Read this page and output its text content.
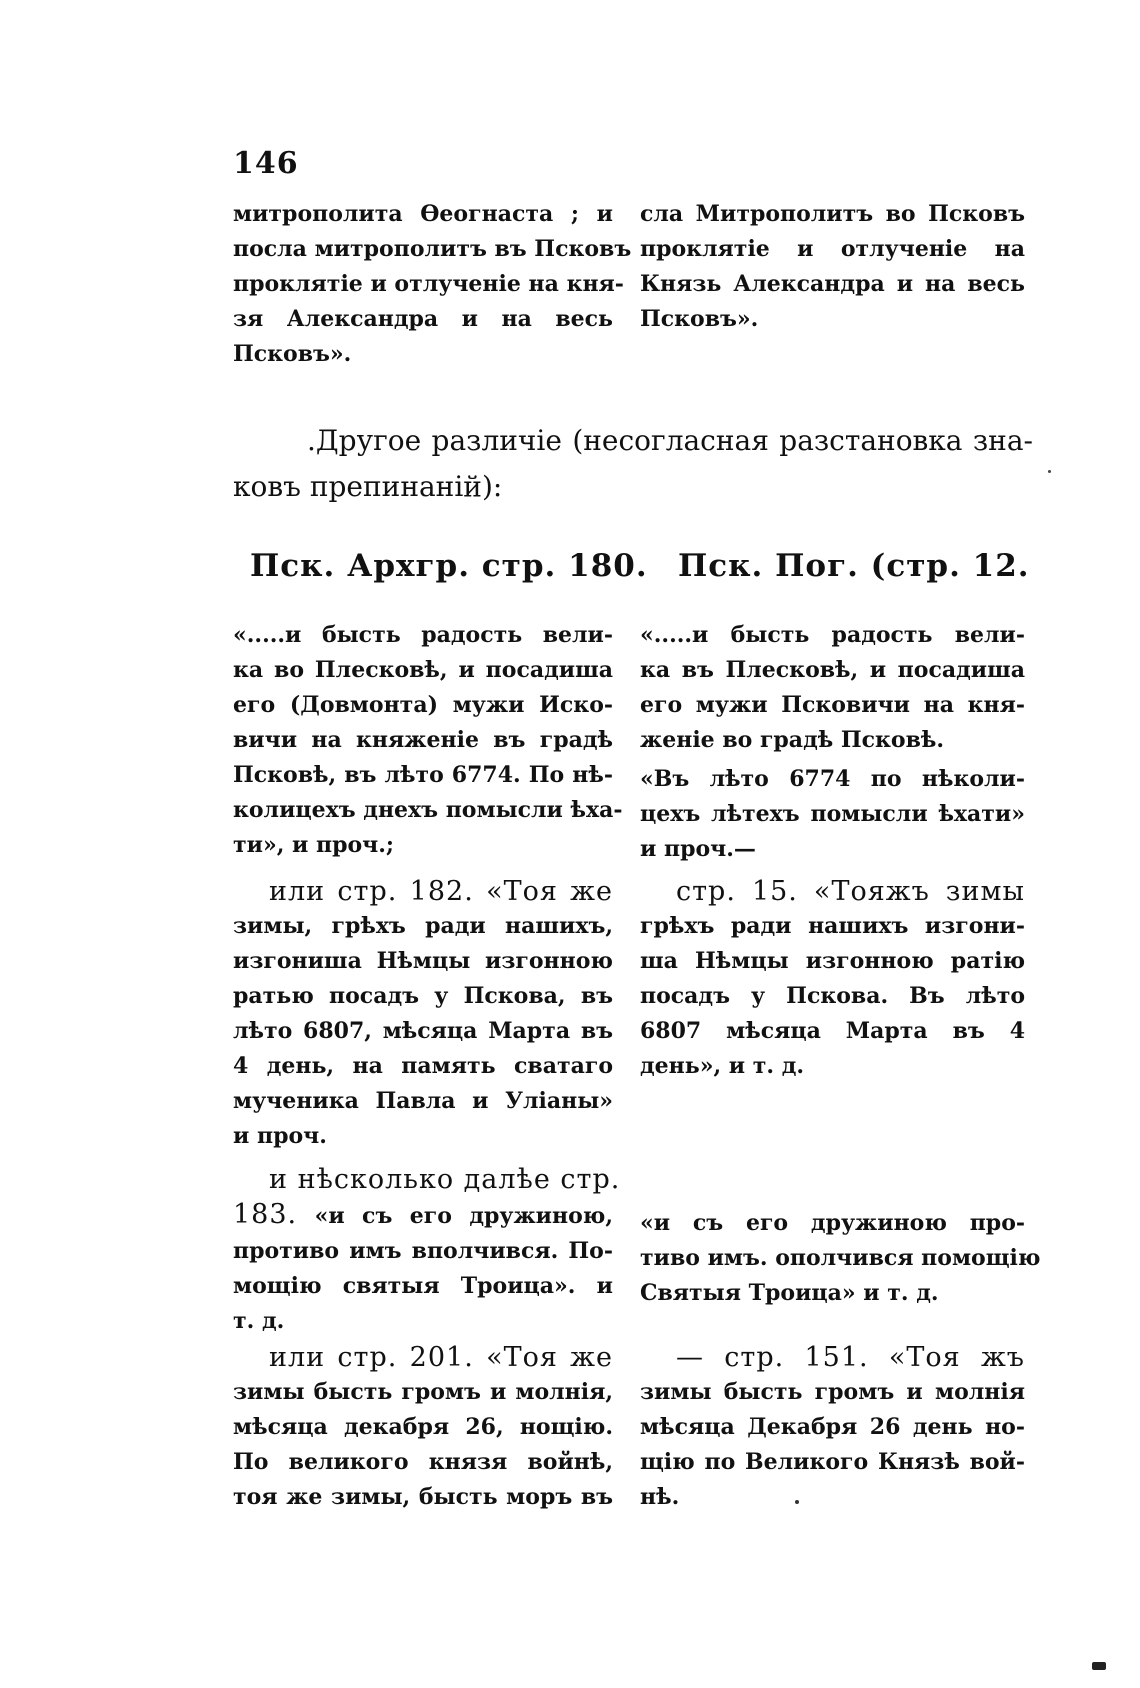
146

митрополита Өеогнаста ; и
посла митрополитъ въ Псковъ
проклятіе и отлученіе на кня-
зя Александра и на весь
Псковъ».

сла Митрополитъ во Псковъ
проклятіе и отлученіе на
Князь Александра и на весь
Псковъ».

.Другое различіе (несогласная разстановка зна-
ковъ препинаній):

Пск. Архгр. стр. 180. Пск. Пог. (стр. 12.

«.....и бысть радость вели-
ка во Плесковѣ, и посадиша
его (Довмонта) мужи Иско-
вичи на княженіе въ градѣ
Псковѣ, въ лѣто 6774. По нѣ-
колицехъ днехъ помысли ѣха-
ти», и проч.;

«.....и бысть радость вели-
ка въ Плесковѣ, и посадиша
его мужи Псковичи на кня-
женіе во градѣ Псковѣ.
«Въ лѣто 6774 по нѣколи-
цехъ лѣтехъ помысли ѣхати»
и проч.—

или стр. 182. «Тоя же
зимы, грѣхъ ради нашихъ,
изгониша Нѣмцы изгонною
ратью посадъ у Пскова, въ
лѣто 6807, мѣсяца Марта въ
4 день, на память сватаго
мученика Павла и Уліаны»
и проч.

стр. 15. «Тояжъ зимы
грѣхъ ради нашихъ изгони-
ша Нѣмцы изгонною ратію
посадъ у Пскова. Въ лѣто
6807 мѣсяца Марта въ 4
день», и т. д.

и нѣсколько далѣе стр.
183. «и съ его дружиною,
противо имъ вполчився. По-
мощію святыя Троица». и
т. д.

«и съ его дружиною про-
тиво имъ. ополчився помощію
Святыя Троица» и т. д.

или стр. 201. «Тоя же
зимы бысть громъ и молнія,
мѣсяца декабря 26, нощію.
По великого князя войнѣ,
тоя же зимы, бысть моръ въ

— стр. 151. «Тоя жъ
зимы бысть громъ и молнія
мѣсяца Декабря 26 день но-
щію по Великого Князѣ вой-
нѣ.
